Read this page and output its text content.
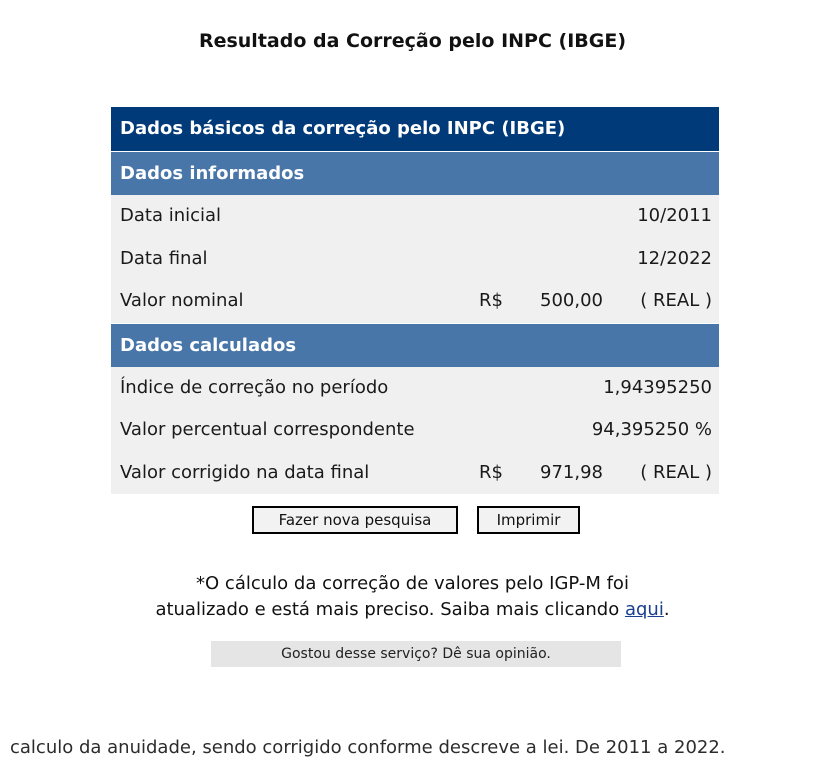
Resultado da Correção pelo INPC (IBGE)
Dados básicos da correção pelo INPC (IBGE)
Dados informados
Data inicial	10/2011
Data final	12/2022
Valor nominal	R$ 500,00 ( REAL )
Dados calculados
Índice de correção no período	1,94395250
Valor percentual correspondente	94,395250 %
Valor corrigido na data final	R$ 971,98 ( REAL )
Fazer nova pesquisa	Imprimir
*O cálculo da correção de valores pelo IGP-M foi
atualizado e está mais preciso. Saiba mais clicando aqui.
Gostou desse serviço? Dê sua opinião.
calculo da anuidade, sendo corrigido conforme descreve a lei. De 2011 a 2022.
